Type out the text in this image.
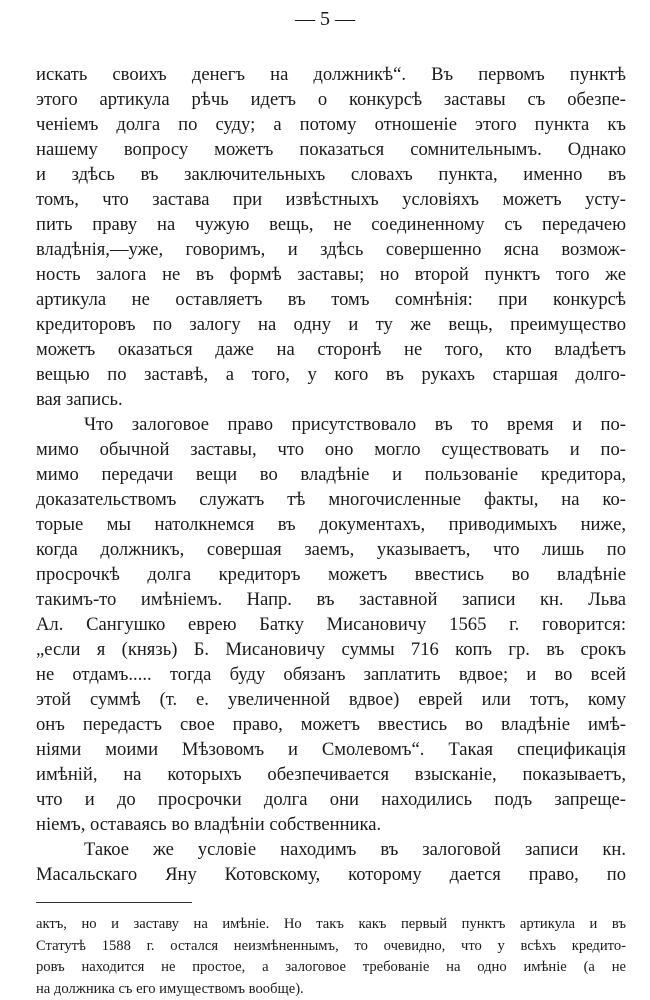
— 5 —
искать своихъ денегъ на должникѣ“. Въ первомъ пунктѣ
этого артикула рѣчь идетъ о конкурсѣ заставы съ обезпе-
ченiемъ долга по суду; а потому отношенiе этого пункта къ
нашему вопросу можетъ показаться сомнительнымъ. Однако
и здѣсь въ заключительныхъ словахъ пункта, именно въ
томъ, что застава при извѣстныхъ условiяхъ можетъ усту-
пить праву на чужую вещь, не соединенному съ передачею
владѣнiя,—уже, говоримъ, и здѣсь совершенно ясна возмож-
ность залога не въ формѣ заставы; но второй пунктъ того же
артикула не оставляетъ въ томъ сомнѣнiя: при конкурсѣ
кредиторовъ по залогу на одну и ту же вещь, преимущество
можетъ оказаться даже на сторонѣ не того, кто владѣетъ
вещью по заставѣ, а того, у кого въ рукахъ старшая долго-
вая запись.
Что залоговое право присутствовало въ то время и по-
мимо обычной заставы, что оно могло существовать и по-
мимо передачи вещи во владѣнiе и пользованiе кредитора,
доказательствомъ служатъ тѣ многочисленные факты, на ко-
торые мы натолкнемся въ документахъ, приводимыхъ ниже,
когда должникъ, совершая заемъ, указываетъ, что лишь по
просрочкѣ долга кредиторъ можетъ ввестись во владѣнiе
такимъ-то имѣнiемъ. Напр. въ заставной записи кн. Льва
Ал. Сангушко еврею Батку Мисановичу 1565 г. говорится:
„если я (князь) Б. Мисановичу суммы 716 копъ гр. въ срокъ
не отдамъ..... тогда буду обязанъ заплатить вдвое; и во всей
этой суммѣ (т. е. увеличенной вдвое) еврей или тотъ, кому
онъ передастъ свое право, можетъ ввестись во владѣнiе имѣ-
нiями моими Мѣзовомъ и Смолевомъ“. Такая спецификацiя
имѣнiй, на которыхъ обезпечивается взысканiе, показываетъ,
что и до просрочки долга они находились подъ запреще-
нiемъ, оставаясь во владѣнiи собственника.
Такое же условiе находимъ въ залоговой записи кн.
Масальскаго Яну Котовскому, которому дается право, по
актъ, но и заставу на имѣнiе. Но такъ какъ первый пунктъ артикула и въ
Статутѣ 1588 г. остался неизмѣненнымъ, то очевидно, что у всѣхъ кредито-
ровъ находится не простое, а залоговое требованiе на одно имѣнiе (а не
на должника съ его имуществомъ вообще).
